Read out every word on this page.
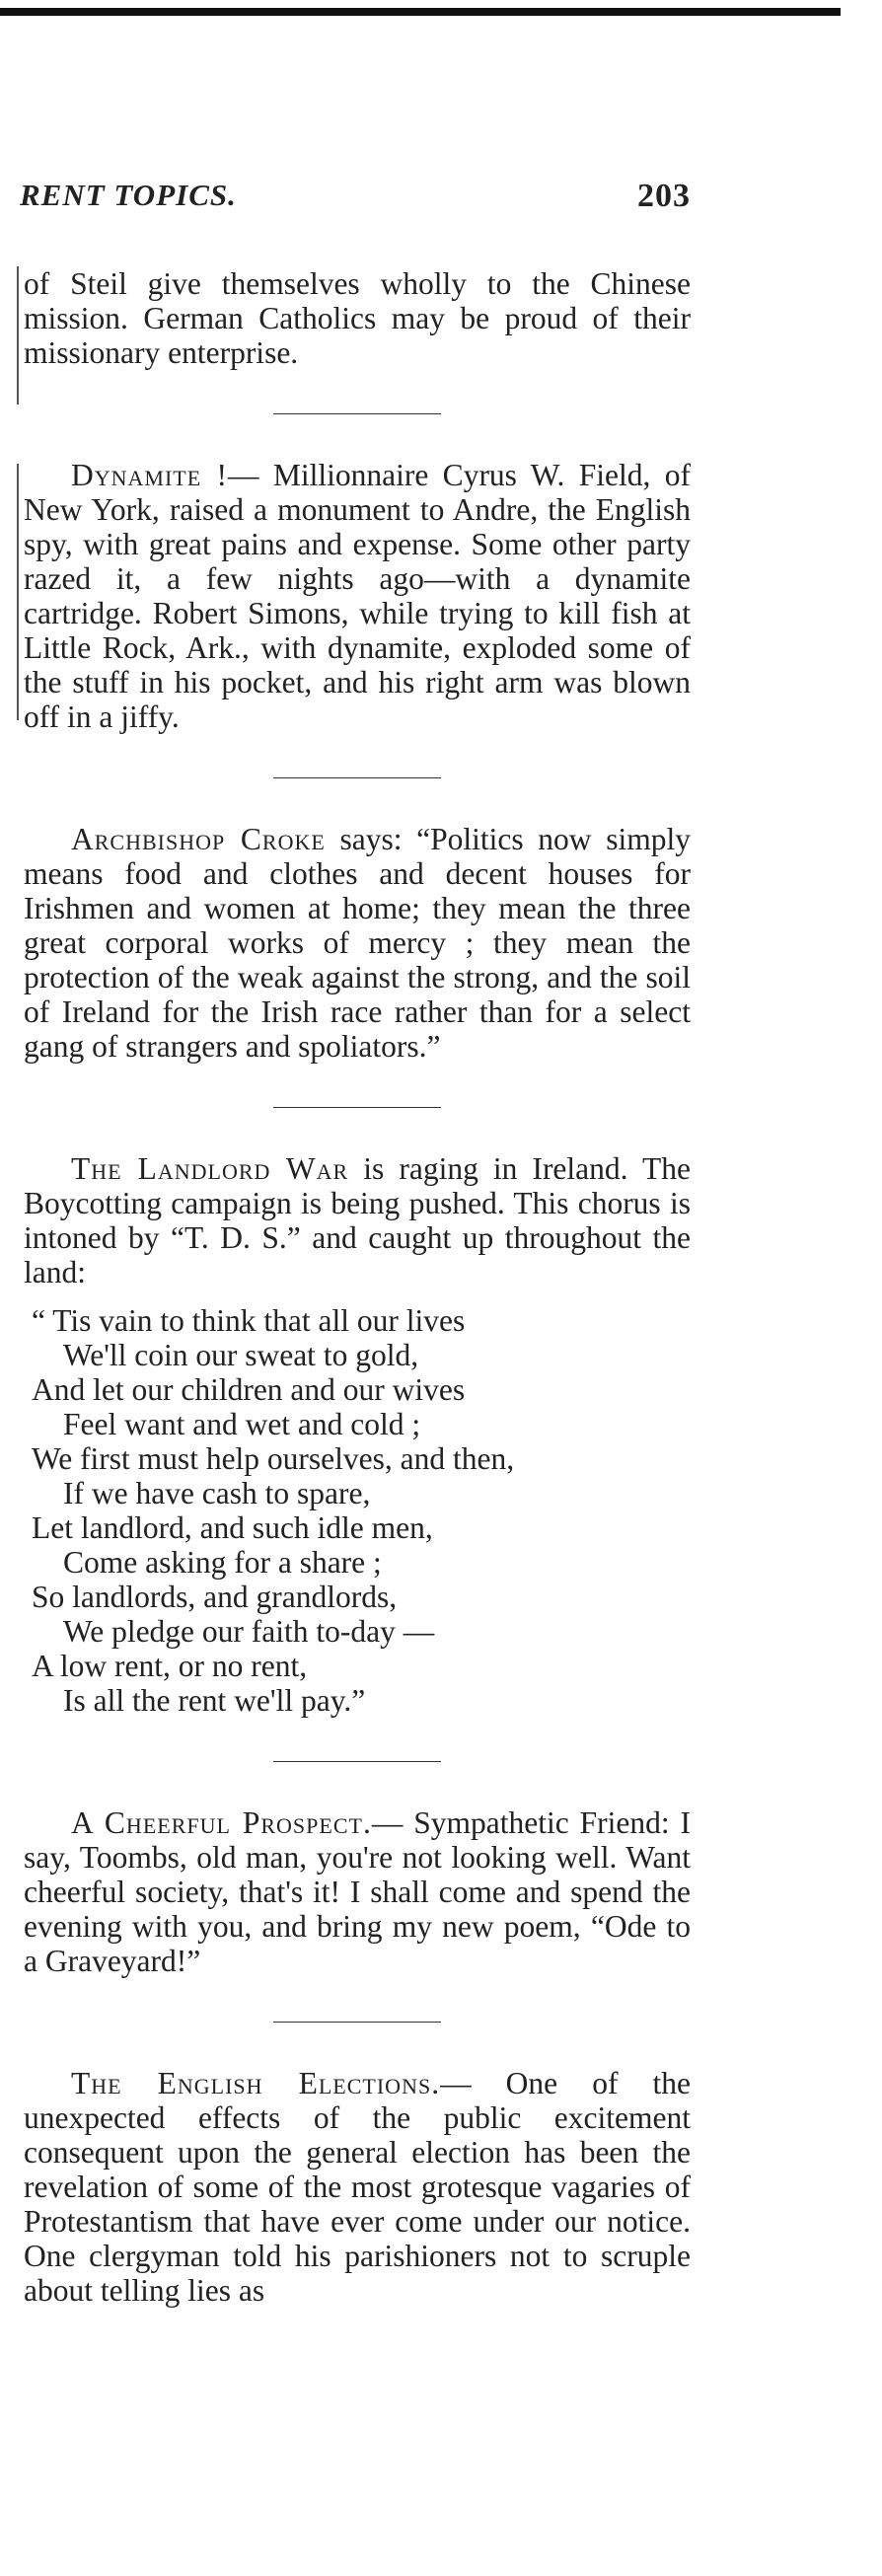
RENT TOPICS.	203

of Steil give themselves wholly to the Chinese mission. German Catholics may be proud of their missionary enterprise.

Dynamite !— Millionnaire Cyrus W. Field, of New York, raised a monument to Andre, the English spy, with great pains and expense. Some other party razed it, a few nights ago—with a dynamite cartridge. Robert Simons, while trying to kill fish at Little Rock, Ark., with dynamite, exploded some of the stuff in his pocket, and his right arm was blown off in a jiffy.

Archbishop Croke says: “Politics now simply means food and clothes and decent houses for Irishmen and women at home; they mean the three great corporal works of mercy ; they mean the protection of the weak against the strong, and the soil of Ireland for the Irish race rather than for a select gang of strangers and spoliators.”

The Landlord War is raging in Ireland. The Boycotting campaign is being pushed. This chorus is intoned by “T. D. S.” and caught up throughout the land:

“ Tis vain to think that all our lives
We'll coin our sweat to gold,
And let our children and our wives
Feel want and wet and cold ;
We first must help ourselves, and then,
If we have cash to spare,
Let landlord, and such idle men,
Come asking for a share ;
So landlords, and grandlords,
We pledge our faith to-day —
A low rent, or no rent,
Is all the rent we'll pay.”

A Cheerful Prospect.— Sympathetic Friend: I say, Toombs, old man, you're not looking well. Want cheerful society, that's it! I shall come and spend the evening with you, and bring my new poem, “Ode to a Graveyard!”

The English Elections.— One of the unexpected effects of the public excitement consequent upon the general election has been the revelation of some of the most grotesque vagaries of Protestantism that have ever come under our notice. One clergyman told his parishioners not to scruple about telling lies as
